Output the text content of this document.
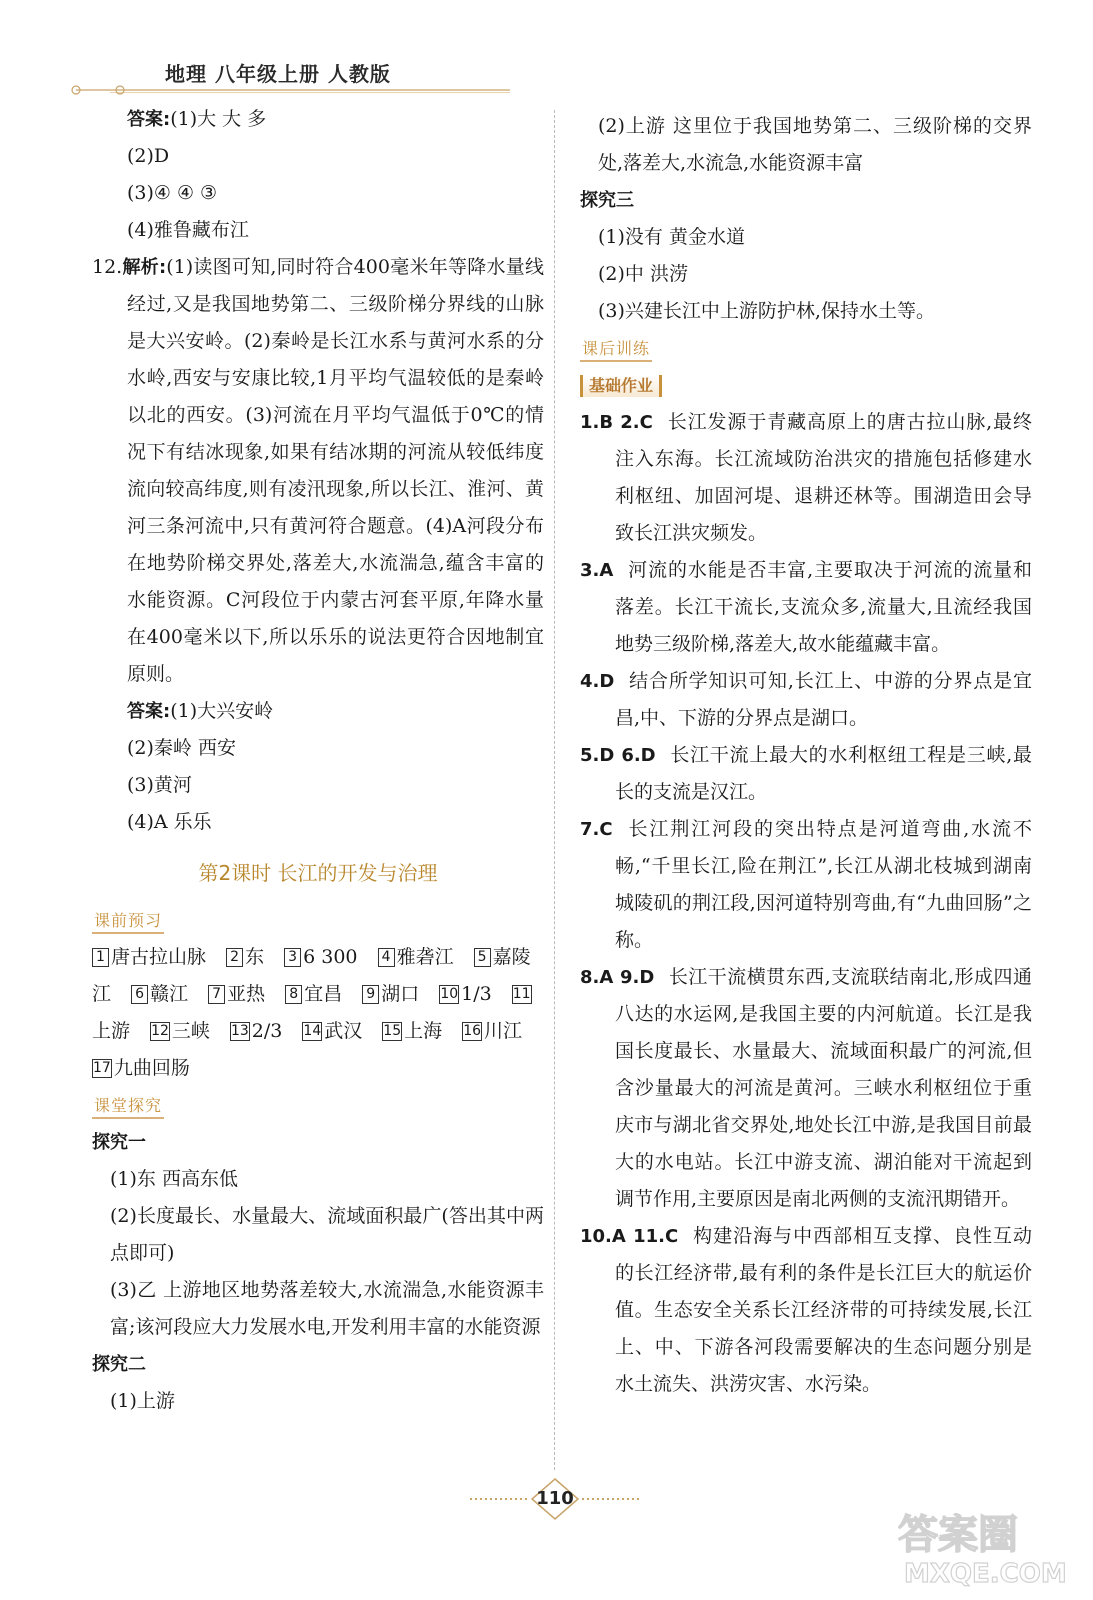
地理 八年级上册 人教版
答案:(1)大 大 多
(2)D
(3)④ ④ ③
(4)雅鲁藏布江
12.解析:(1)读图可知,同时符合400毫米年等降水量线经过,又是我国地势第二、三级阶梯分界线的山脉是大兴安岭。(2)秦岭是长江水系与黄河水系的分水岭,西安与安康比较,1月平均气温较低的是秦岭以北的西安。(3)河流在月平均气温低于0℃的情况下有结冰现象,如果有结冰期的河流从较低纬度流向较高纬度,则有凌汛现象,所以长江、淮河、黄河三条河流中,只有黄河符合题意。(4)A河段分布在地势阶梯交界处,落差大,水流湍急,蕴含丰富的水能资源。C河段位于内蒙古河套平原,年降水量在400毫米以下,所以乐乐的说法更符合因地制宜原则。
答案:(1)大兴安岭
(2)秦岭 西安
(3)黄河
(4)A 乐乐
第2课时 长江的开发与治理
课前预习
1 唐古拉山脉 2 东 3 6 300 4 雅砻江 5 嘉陵江 6 赣江 7 亚热 8 宜昌 9 湖口 10 1/3 11上游 12 三峡 13 2/3 14 武汉 15 上海 16 川江 17 九曲回肠
课堂探究
探究一
(1)东 西高东低
(2)长度最长、水量最大、流域面积最广(答出其中两点即可)
(3)乙 上游地区地势落差较大,水流湍急,水能资源丰富;该河段应大力发展水电,开发利用丰富的水能资源
探究二
(1)上游
(2)上游 这里位于我国地势第二、三级阶梯的交界处,落差大,水流急,水能资源丰富
探究三
(1)没有 黄金水道
(2)中 洪涝
(3)兴建长江中上游防护林,保持水土等。
课后训练
基础作业
1.B 2.C 长江发源于青藏高原上的唐古拉山脉,最终注入东海。长江流域防治洪灾的措施包括修建水利枢纽、加固河堤、退耕还林等。围湖造田会导致长江洪灾频发。
3.A 河流的水能是否丰富,主要取决于河流的流量和落差。长江干流长,支流众多,流量大,且流经我国地势三级阶梯,落差大,故水能蕴藏丰富。
4.D 结合所学知识可知,长江上、中游的分界点是宜昌,中、下游的分界点是湖口。
5.D 6.D 长江干流上最大的水利枢纽工程是三峡,最长的支流是汉江。
7.C 长江荆江河段的突出特点是河道弯曲,水流不畅,“千里长江,险在荆江”,长江从湖北枝城到湖南城陵矶的荆江段,因河道特别弯曲,有“九曲回肠”之称。
8.A 9.D 长江干流横贯东西,支流联结南北,形成四通八达的水运网,是我国主要的内河航道。长江是我国长度最长、水量最大、流域面积最广的河流,但含沙量最大的河流是黄河。三峡水利枢纽位于重庆市与湖北省交界处,地处长江中游,是我国目前最大的水电站。长江中游支流、湖泊能对干流起到调节作用,主要原因是南北两侧的支流汛期错开。
10.A 11.C 构建沿海与中西部相互支撑、良性互动的长江经济带,最有利的条件是长江巨大的航运价值。生态安全关系长江经济带的可持续发展,长江上、中、下游各河段需要解决的生态问题分别是水土流失、洪涝灾害、水污染。
110
答案圈
MXQE.COM
